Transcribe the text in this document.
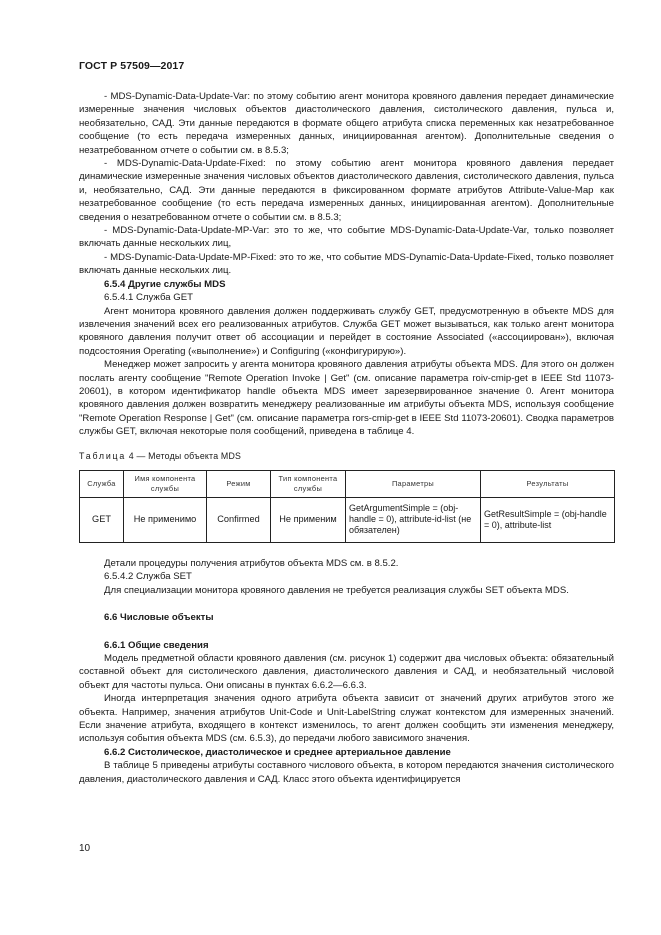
ГОСТ Р 57509—2017

- MDS-Dynamic-Data-Update-Var: по этому событию агент монитора кровяного давления передает динамические измеренные значения числовых объектов диастолического давления, систолического давления, пульса и, необязательно, САД. Эти данные передаются в формате общего атрибута списка переменных как незатребованное сообщение (то есть передача измеренных данных, инициированная агентом). Дополнительные сведения о незатребованном отчете о событии см. в 8.5.3;

- MDS-Dynamic-Data-Update-Fixed: по этому событию агент монитора кровяного давления передает динамические измеренные значения числовых объектов диастолического давления, систолического давления, пульса и, необязательно, САД. Эти данные передаются в фиксированном формате атрибутов Attribute-Value-Map как незатребованное сообщение (то есть передача измеренных данных, инициированная агентом). Дополнительные сведения о незатребованном отчете о событии см. в 8.5.3;

- MDS-Dynamic-Data-Update-MP-Var: это то же, что событие MDS-Dynamic-Data-Update-Var, только позволяет включать данные нескольких лиц,

- MDS-Dynamic-Data-Update-MP-Fixed: это то же, что событие MDS-Dynamic-Data-Update-Fixed, только позволяет включать данные нескольких лиц.

6.5.4 Другие службы MDS

6.5.4.1 Служба GET

Агент монитора кровяного давления должен поддерживать службу GET, предусмотренную в объекте MDS для извлечения значений всех его реализованных атрибутов. Служба GET может вызываться, как только агент монитора кровяного давления получит ответ об ассоциации и перейдет в состояние Associated («ассоциирован»), включая подсостояния Operating («выполнение») и Configuring («конфигурирую»).

Менеджер может запросить у агента монитора кровяного давления атрибуты объекта MDS. Для этого он должен послать агенту сообщение "Remote Operation Invoke | Get" (см. описание параметра roiv-cmip-get в IEEE Std 11073-20601), в котором идентификатор handle объекта MDS имеет зарезервированное значение 0. Агент монитора кровяного давления должен возвратить менеджеру реализованные им атрибуты объекта MDS, используя сообщение "Remote Operation Response | Get" (см. описание параметра rors-cmip-get в IEEE Std 11073-20601). Сводка параметров службы GET, включая некоторые поля сообщений, приведена в таблице 4.

Таблица 4 — Методы объекта MDS

Служба	Имя компонента службы	Режим	Тип компонента службы	Параметры	Результаты
GET	Не применимо	Confirmed	Не применим	GetArgumentSimple = (obj-handle = 0), attribute-id-list (не обязателен)	GetResultSimple = (obj-handle = 0), attribute-list

Детали процедуры получения атрибутов объекта MDS см. в 8.5.2.

6.5.4.2 Служба SET

Для специализации монитора кровяного давления не требуется реализация службы SET объекта MDS.

6.6 Числовые объекты

6.6.1 Общие сведения

Модель предметной области кровяного давления (см. рисунок 1) содержит два числовых объекта: обязательный составной объект для систолического давления, диастолического давления и САД, и необязательный числовой объект для частоты пульса. Они описаны в пунктах 6.6.2—6.6.3.

Иногда интерпретация значения одного атрибута объекта зависит от значений других атрибутов этого же объекта. Например, значения атрибутов Unit-Code и Unit-LabelString служат контекстом для измеренных значений. Если значение атрибута, входящего в контекст изменилось, то агент должен сообщить эти изменения менеджеру, используя события объекта MDS (см. 6.5.3), до передачи любого зависимого значения.

6.6.2 Систолическое, диастолическое и среднее артериальное давление

В таблице 5 приведены атрибуты составного числового объекта, в котором передаются значения систолического давления, диастолического давления и САД. Класс этого объекта идентифицируется

10
